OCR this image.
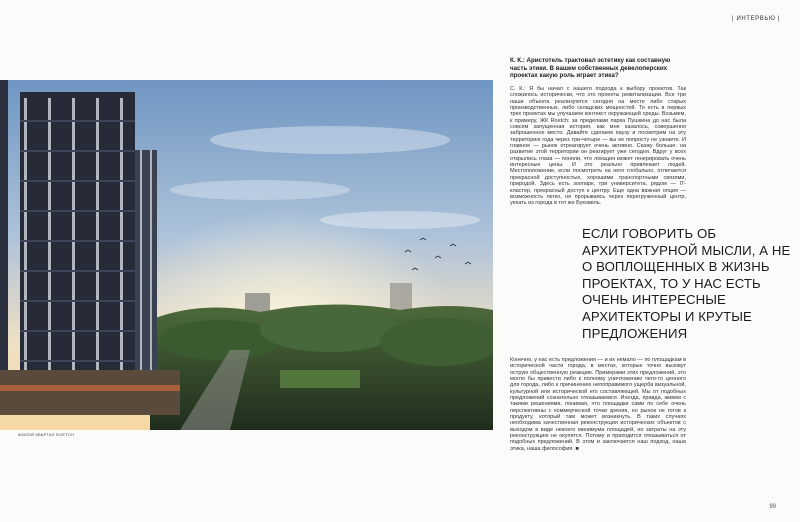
| ИНТЕРВЬЮ |
ЖИЛОЙ КВАРТАЛ ROETCH
К. К.: Аристотель трактовал эстетику как составную часть этики. В вашем собственных девелоперских проектах какую роль играет этика?
С. К.: Я бы начал с нашего подхода к выбору проектов. Так сложилось исторически, что это проекты ревитализации. Все три наши объекта реализуются сегодня на месте либо старых производственных, либо складских мощностей. То есть в первых трех проектах мы улучшаем контекст окружающей среды. Возьмем, к примеру, ЖК Roetch: за пределами парка Пушкина до нас была совсем запущенная история, как мне казалось, совершенно заброшенное место. Давайте сделаем паузу и посмотрим на эту территорию года через три-четыре — вы ее попросту не узнаете. И главное — рынок отреагирует очень активно. Скажу больше: на развитие этой территории он реагирует уже сегодня. Вдруг у всех открылись глаза — поняли, что локация может генерировать очень интересные цены. И это реально привлекает людей. Местоположение, если посмотреть на него глобально, отличается прекрасной доступностью, хорошими транспортными связями, природой. Здесь есть зоопарк, три университета, рядом — IT-кластер, прекрасный доступ к центру. Еще одна важная опция — возможность легко, не прорываясь через перегруженный центр, уехать из города в тот же Буковель.
ЕСЛИ ГОВОРИТЬ ОБ АРХИТЕКТУРНОЙ МЫСЛИ, А НЕ О ВОПЛОЩЕННЫХ В ЖИЗНЬ ПРОЕКТАХ, ТО У НАС ЕСТЬ ОЧЕНЬ ИНТЕРЕСНЫЕ АРХИТЕКТОРЫ И КРУТЫЕ ПРЕДЛОЖЕНИЯ
Конечно, у нас есть предложения — и их немало — по площадкам в исторической части города, в местах, которые точно вызовут острую общественную реакцию. Примерами этих предложений, это могло бы привести либо к полному уничтожению чего-то ценного для города, либо к причинению непоправимого ущерба визуальной, культурной или исторической его составляющей. Мы от подобных предложений сознательно отказываемся. Иногда, правда, живем с такими решениями, понимая, что площадки сами по себе очень перспективны с коммерческой точки зрения, но рынок не готов к продукту, который там может возникнуть. В таких случаях необходима качественная реконструкция исторических объектов с выходом в виде некоего минимума площадей, но затраты на эту реконструкцию не окупятся. Потому и приходится отказываться от подобных предложений. В этом и заключается наш подход, наша этика, наша философия. ■
99
